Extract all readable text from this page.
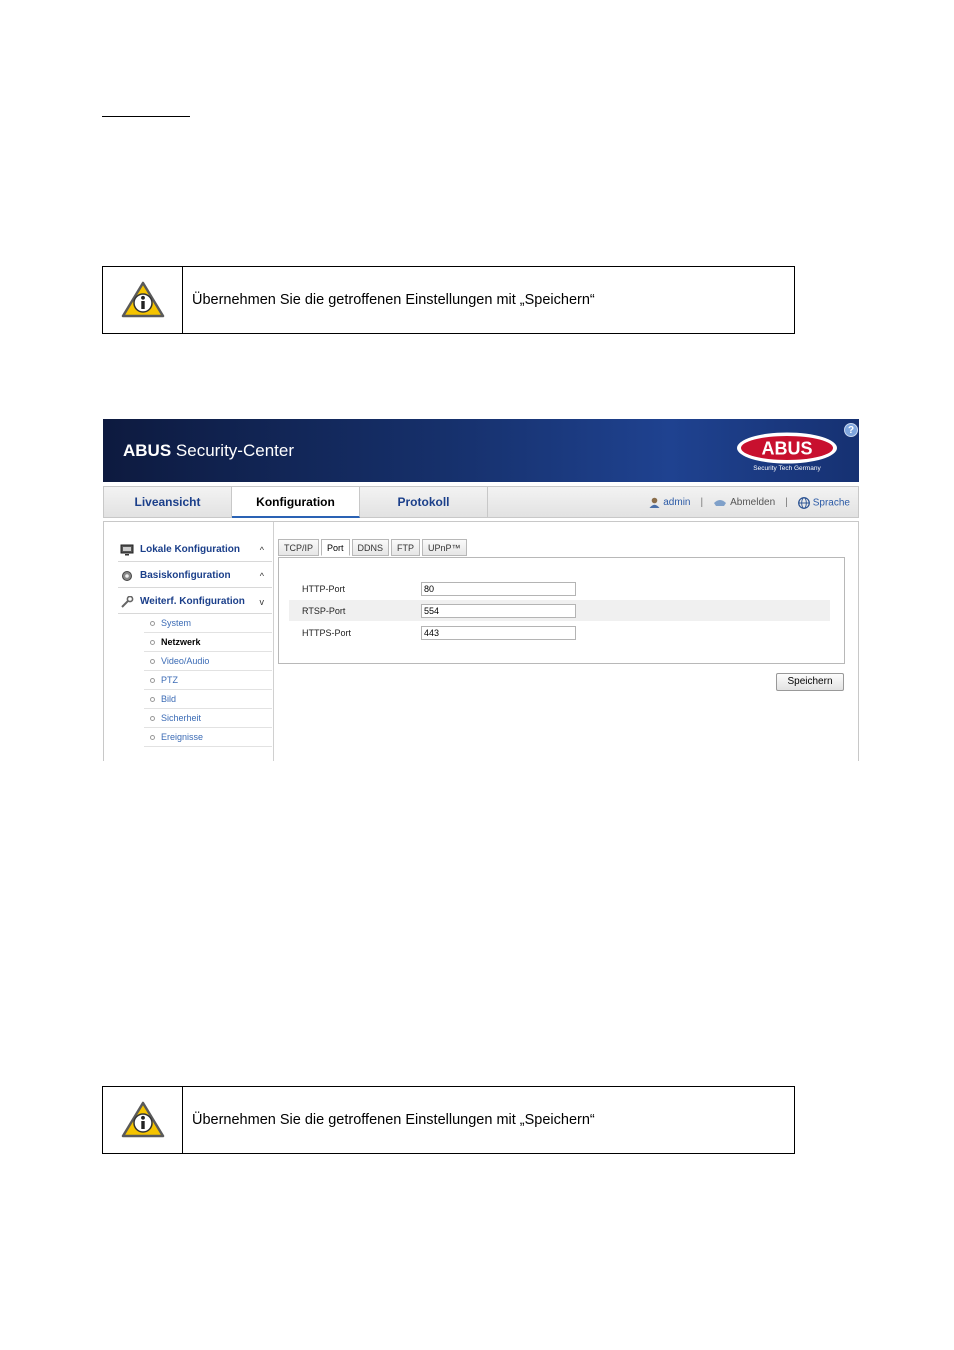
Übernehmen Sie die getroffenen Einstellungen mit „Speichern“
ABUS Security-Center	ABUS
Security Tech Germany
?
Liveansicht	Konfiguration	Protokoll	admin |	Abmelden |	Sprache
Lokale Konfiguration ^
Basiskonfiguration	^
Weiterf. Konfiguration v
System
Netzwerk
Video/Audio
PTZ
Bild
Sicherheit
Ereignisse
TCP/IP	Port	DDNS	FTP	UPnP™
HTTP-Port	80
RTSP-Port	554
HTTPS-Port	443
Speichern
Übernehmen Sie die getroffenen Einstellungen mit „Speichern“
